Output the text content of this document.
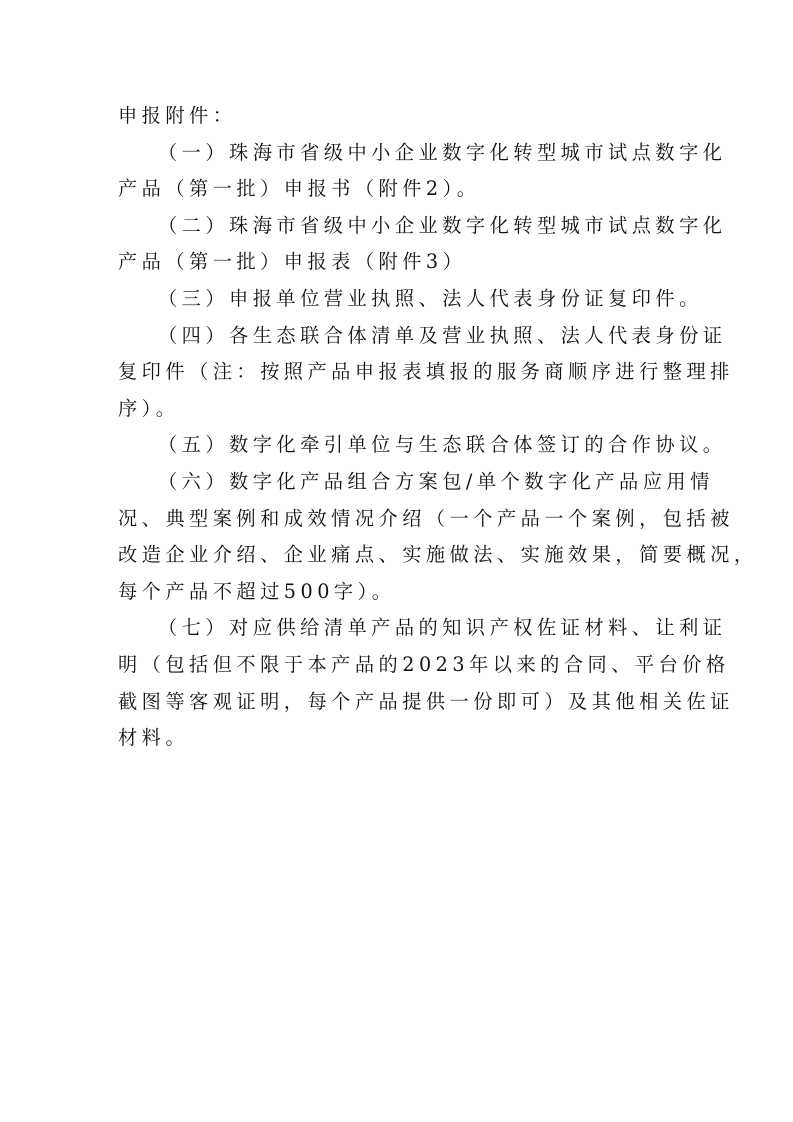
申报附件：
（一）珠海市省级中小企业数字化转型城市试点数字化
产品（第一批）申报书（附件2）。
（二）珠海市省级中小企业数字化转型城市试点数字化
产品（第一批）申报表（附件3）
（三）申报单位营业执照、法人代表身份证复印件。
（四）各生态联合体清单及营业执照、法人代表身份证
复印件（注：按照产品申报表填报的服务商顺序进行整理排
序）。
（五）数字化牵引单位与生态联合体签订的合作协议。
（六）数字化产品组合方案包/单个数字化产品应用情
况、典型案例和成效情况介绍（一个产品一个案例，包括被
改造企业介绍、企业痛点、实施做法、实施效果，简要概况，
每个产品不超过500字）。
（七）对应供给清单产品的知识产权佐证材料、让利证
明（包括但不限于本产品的2023年以来的合同、平台价格
截图等客观证明，每个产品提供一份即可）及其他相关佐证
材料。
